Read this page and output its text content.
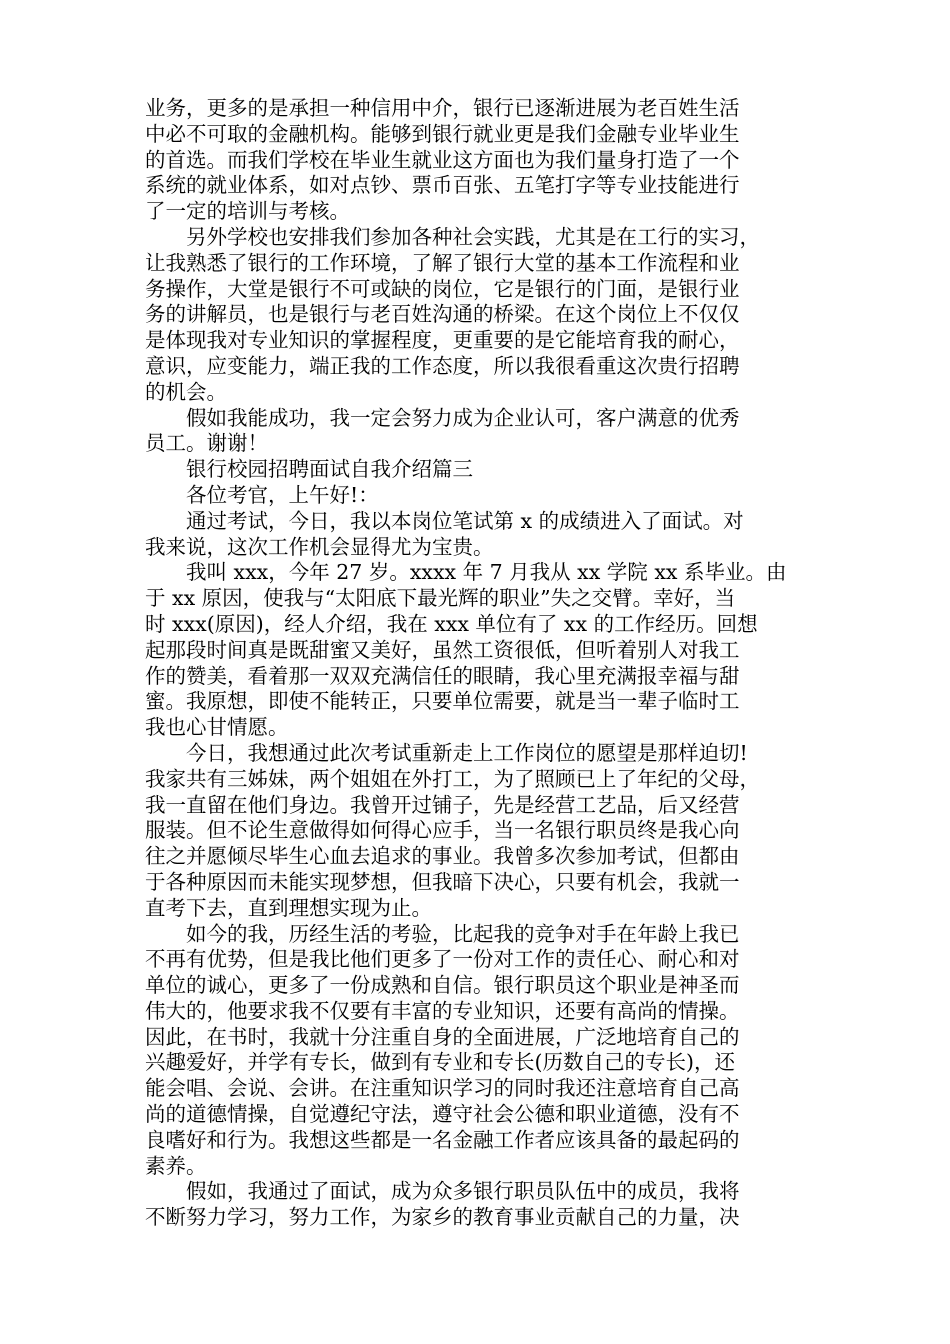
业务，更多的是承担一种信用中介，银行已逐渐进展为老百姓生活
中必不可取的金融机构。能够到银行就业更是我们金融专业毕业生
的首选。而我们学校在毕业生就业这方面也为我们量身打造了一个
系统的就业体系，如对点钞、票币百张、五笔打字等专业技能进行
了一定的培训与考核。
　　另外学校也安排我们参加各种社会实践，尤其是在工行的实习，
让我熟悉了银行的工作环境，了解了银行大堂的基本工作流程和业
务操作，大堂是银行不可或缺的岗位，它是银行的门面，是银行业
务的讲解员，也是银行与老百姓沟通的桥梁。在这个岗位上不仅仅
是体现我对专业知识的掌握程度，更重要的是它能培育我的耐心，
意识，应变能力，端正我的工作态度，所以我很看重这次贵行招聘
的机会。
　　假如我能成功，我一定会努力成为企业认可，客户满意的优秀
员工。谢谢！
　　银行校园招聘面试自我介绍篇三
　　各位考官，上午好!：
　　通过考试，今日，我以本岗位笔试第 x 的成绩进入了面试。对
我来说，这次工作机会显得尤为宝贵。
　　我叫 xxx，今年 27 岁。xxxx 年 7 月我从 xx 学院 xx 系毕业。由
于 xx 原因，使我与“太阳底下最光辉的职业”失之交臂。幸好，当
时 xxx(原因)，经人介绍，我在 xxx 单位有了 xx 的工作经历。回想
起那段时间真是既甜蜜又美好，虽然工资很低，但听着别人对我工
作的赞美，看着那一双双充满信任的眼睛，我心里充满报幸福与甜
蜜。我原想，即使不能转正，只要单位需要，就是当一辈子临时工
我也心甘情愿。
　　今日，我想通过此次考试重新走上工作岗位的愿望是那样迫切!
我家共有三姊妹，两个姐姐在外打工，为了照顾已上了年纪的父母，
我一直留在他们身边。我曾开过铺子，先是经营工艺品，后又经营
服装。但不论生意做得如何得心应手，当一名银行职员终是我心向
往之并愿倾尽毕生心血去追求的事业。我曾多次参加考试，但都由
于各种原因而未能实现梦想，但我暗下决心，只要有机会，我就一
直考下去，直到理想实现为止。
　　如今的我，历经生活的考验，比起我的竞争对手在年龄上我已
不再有优势，但是我比他们更多了一份对工作的责任心、耐心和对
单位的诚心，更多了一份成熟和自信。银行职员这个职业是神圣而
伟大的，他要求我不仅要有丰富的专业知识，还要有高尚的情操。
因此，在书时，我就十分注重自身的全面进展，广泛地培育自己的
兴趣爱好，并学有专长，做到有专业和专长(历数自己的专长)，还
能会唱、会说、会讲。在注重知识学习的同时我还注意培育自己高
尚的道德情操，自觉遵纪守法，遵守社会公德和职业道德，没有不
良嗜好和行为。我想这些都是一名金融工作者应该具备的最起码的
素养。
　　假如，我通过了面试，成为众多银行职员队伍中的成员，我将
不断努力学习，努力工作，为家乡的教育事业贡献自己的力量，决
